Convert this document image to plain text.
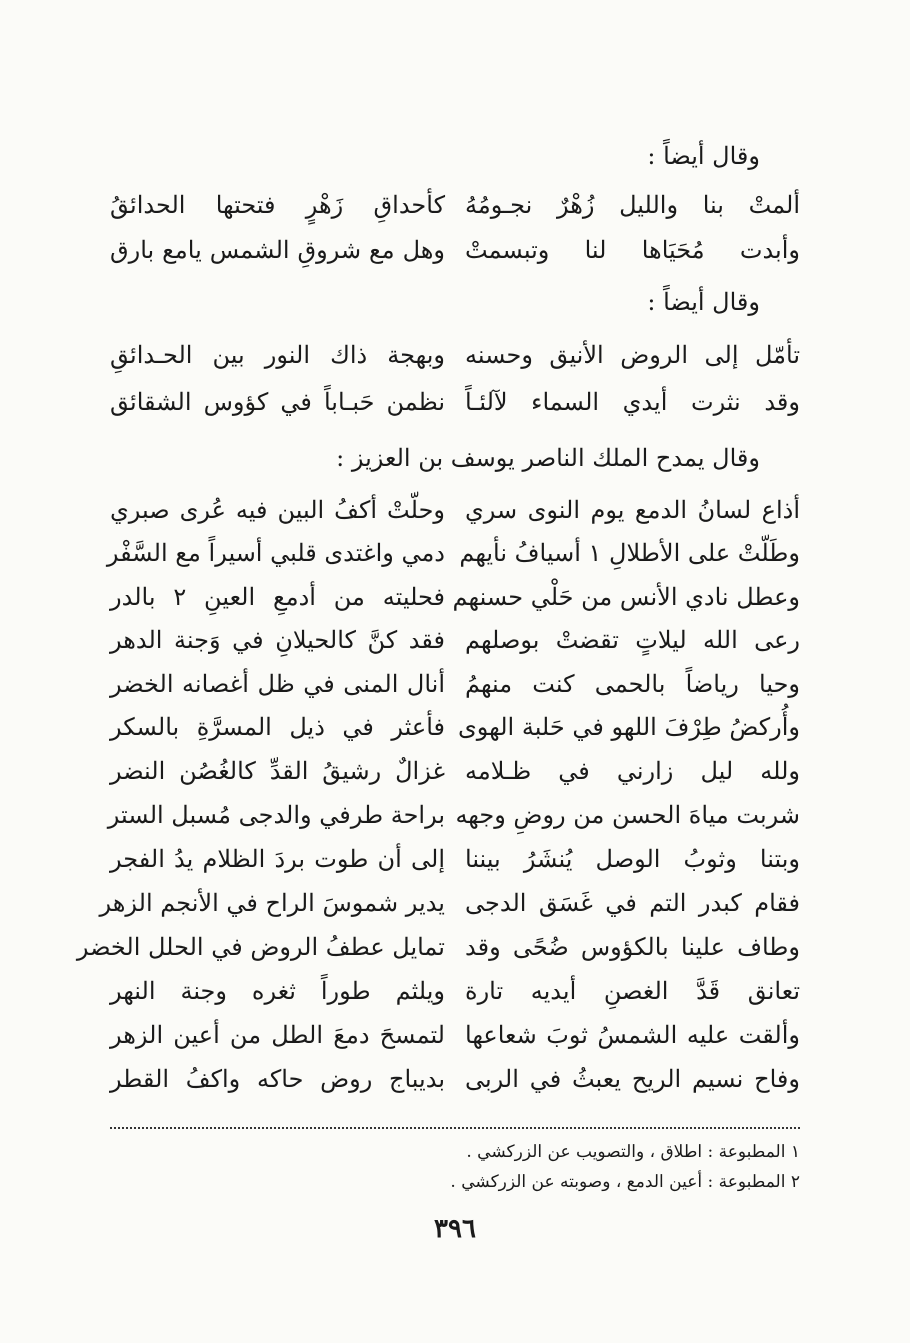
وقال أيضاً :
ألمتْ بنا والليل زُهْرٌ نجـومُهُ
كأحداقِ زَهْرٍ فتحتها الحدائقُ
وأبدت مُحَيَاها لنا وتبسمتْ
وهل مع شروقِ الشمس يامع بارق
وقال أيضاً :
تأمّل إلى الروض الأنيق وحسنه
وبهجة ذاك النور بين الحـدائقِ
وقد نثرت أيدي السماء لآلئـاً
نظمن حَبـاباً في كؤوس الشقائق
وقال يمدح الملك الناصر يوسف بن العزيز :
أذاع لسانُ الدمع يوم النوى سري
وحلّتْ أكفُ البين فيه عُرى صبري
وطَلّتْ على الأطلالِ ١ أسيافُ نأيهم
دمي واغتدى قلبي أسيراً مع السَّفْر
وعطل نادي الأنس من حَلْي حسنهم
فحليته من أدمعِ العينِ ٢ بالدر
رعى الله ليلاتٍ تقضتْ بوصلهم
فقد كنَّ كالحيلانِ في وَجنة الدهر
وحيا رياضاً بالحمى كنت منهمُ
أنال المنى في ظل أغصانه الخضر
وأُركضُ طِرْفَ اللهو في حَلبة الهوى
فأعثر في ذيل المسرَّةِ بالسكر
ولله ليل زارني في ظـلامه
غزالٌ رشيقُ القدِّ كالغُصُن النضر
شربت مياهَ الحسن من روضِ وجهه
براحة طرفي والدجى مُسبل الستر
وبتنا وثوبُ الوصل يُنشَرُ بيننا
إلى أن طوت بردَ الظلام يدُ الفجر
فقام كبدر التم في غَسَق الدجى
يدير شموسَ الراح في الأنجم الزهر
وطاف علينا بالكؤوس ضُحًى وقد
تمايل عطفُ الروض في الحلل الخضر
تعانق قَدَّ الغصنِ أيديه تارة
ويلثم طوراً ثغره وجنة النهر
وألقت عليه الشمسُ ثوبَ شعاعها
لتمسحَ دمعَ الطل من أعين الزهر
وفاح نسيم الريح يعبثُ في الربى
بديباج روض حاكه واكفُ القطر
١ المطبوعة : اطلاق ، والتصويب عن الزركشي .
٢ المطبوعة : أعين الدمع ، وصوبته عن الزركشي .
٣٩٦
